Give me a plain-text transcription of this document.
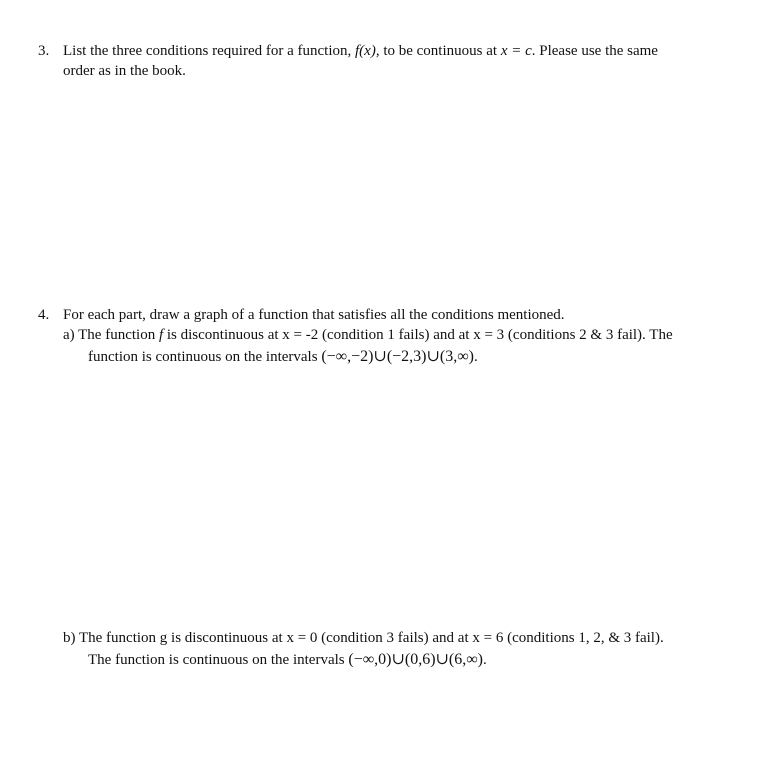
3. List the three conditions required for a function, f(x), to be continuous at x = c. Please use the same
order as in the book.
4. For each part, draw a graph of a function that satisfies all the conditions mentioned.
a) The function f is discontinuous at x = -2 (condition 1 fails) and at x = 3 (conditions 2 & 3 fail). The
function is continuous on the intervals (−∞,−2)∪(−2,3)∪(3,∞).
b) The function g is discontinuous at x = 0 (condition 3 fails) and at x = 6 (conditions 1, 2, & 3 fail).
The function is continuous on the intervals (−∞,0)∪(0,6)∪(6,∞).
